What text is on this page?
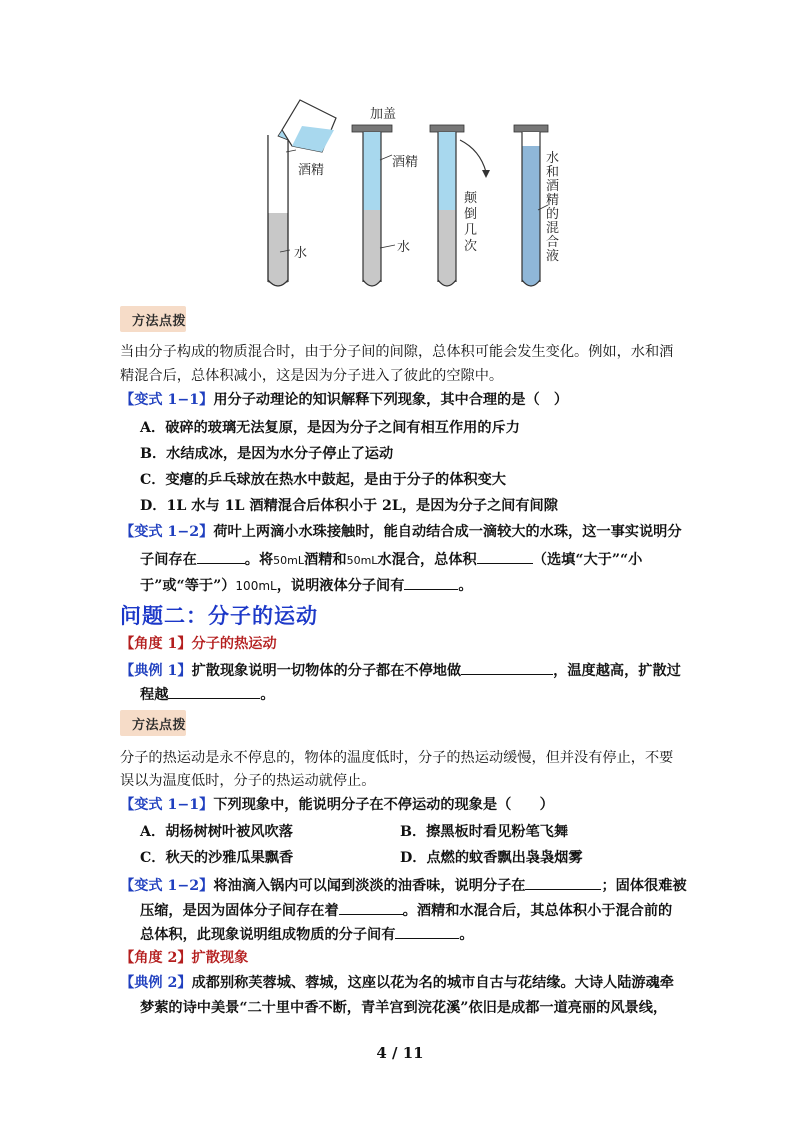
加盖
酒精
水
酒精
水
颠
倒
几
次
水
和
酒
精
的
混
合
液
方法点拨
当由分子构成的物质混合时，由于分子间的间隙，总体积可能会发生变化。例如，水和酒
精混合后，总体积减小，这是因为分子进入了彼此的空隙中。
【变式 1−1】用分子动理论的知识解释下列现象，其中合理的是（　）
A．破碎的玻璃无法复原，是因为分子之间有相互作用的斥力
B．水结成冰，是因为水分子停止了运动
C．变瘪的乒乓球放在热水中鼓起，是由于分子的体积变大
D．1L 水与 1L 酒精混合后体积小于 2L，是因为分子之间有间隙
【变式 1−2】荷叶上两滴小水珠接触时，能自动结合成一滴较大的水珠，这一事实说明分
子间存在	。将50mL酒精和50mL水混合，总体积	（选填“大于”“小
于”或“等于”）100mL，说明液体分子间有	。
问题二：分子的运动
【角度 1】分子的热运动
【典例 1】扩散现象说明一切物体的分子都在不停地做	，温度越高，扩散过
程越	。
方法点拨
分子的热运动是永不停息的，物体的温度低时，分子的热运动缓慢，但并没有停止，不要
误以为温度低时，分子的热运动就停止。
【变式 1−1】下列现象中，能说明分子在不停运动的现象是（　　）
A．胡杨树树叶被风吹落	B．擦黑板时看见粉笔飞舞
C．秋天的沙雅瓜果飘香	D．点燃的蚊香飘出袅袅烟雾
【变式 1−2】将油滴入锅内可以闻到淡淡的油香味，说明分子在	；固体很难被
压缩，是因为固体分子间存在着	。酒精和水混合后，其总体积小于混合前的
总体积，此现象说明组成物质的分子间有	。
【角度 2】扩散现象
【典例 2】成都别称芙蓉城、蓉城，这座以花为名的城市自古与花结缘。大诗人陆游魂牵
梦萦的诗中美景“二十里中香不断，青羊宫到浣花溪”依旧是成都一道亮丽的风景线，
4 / 11
